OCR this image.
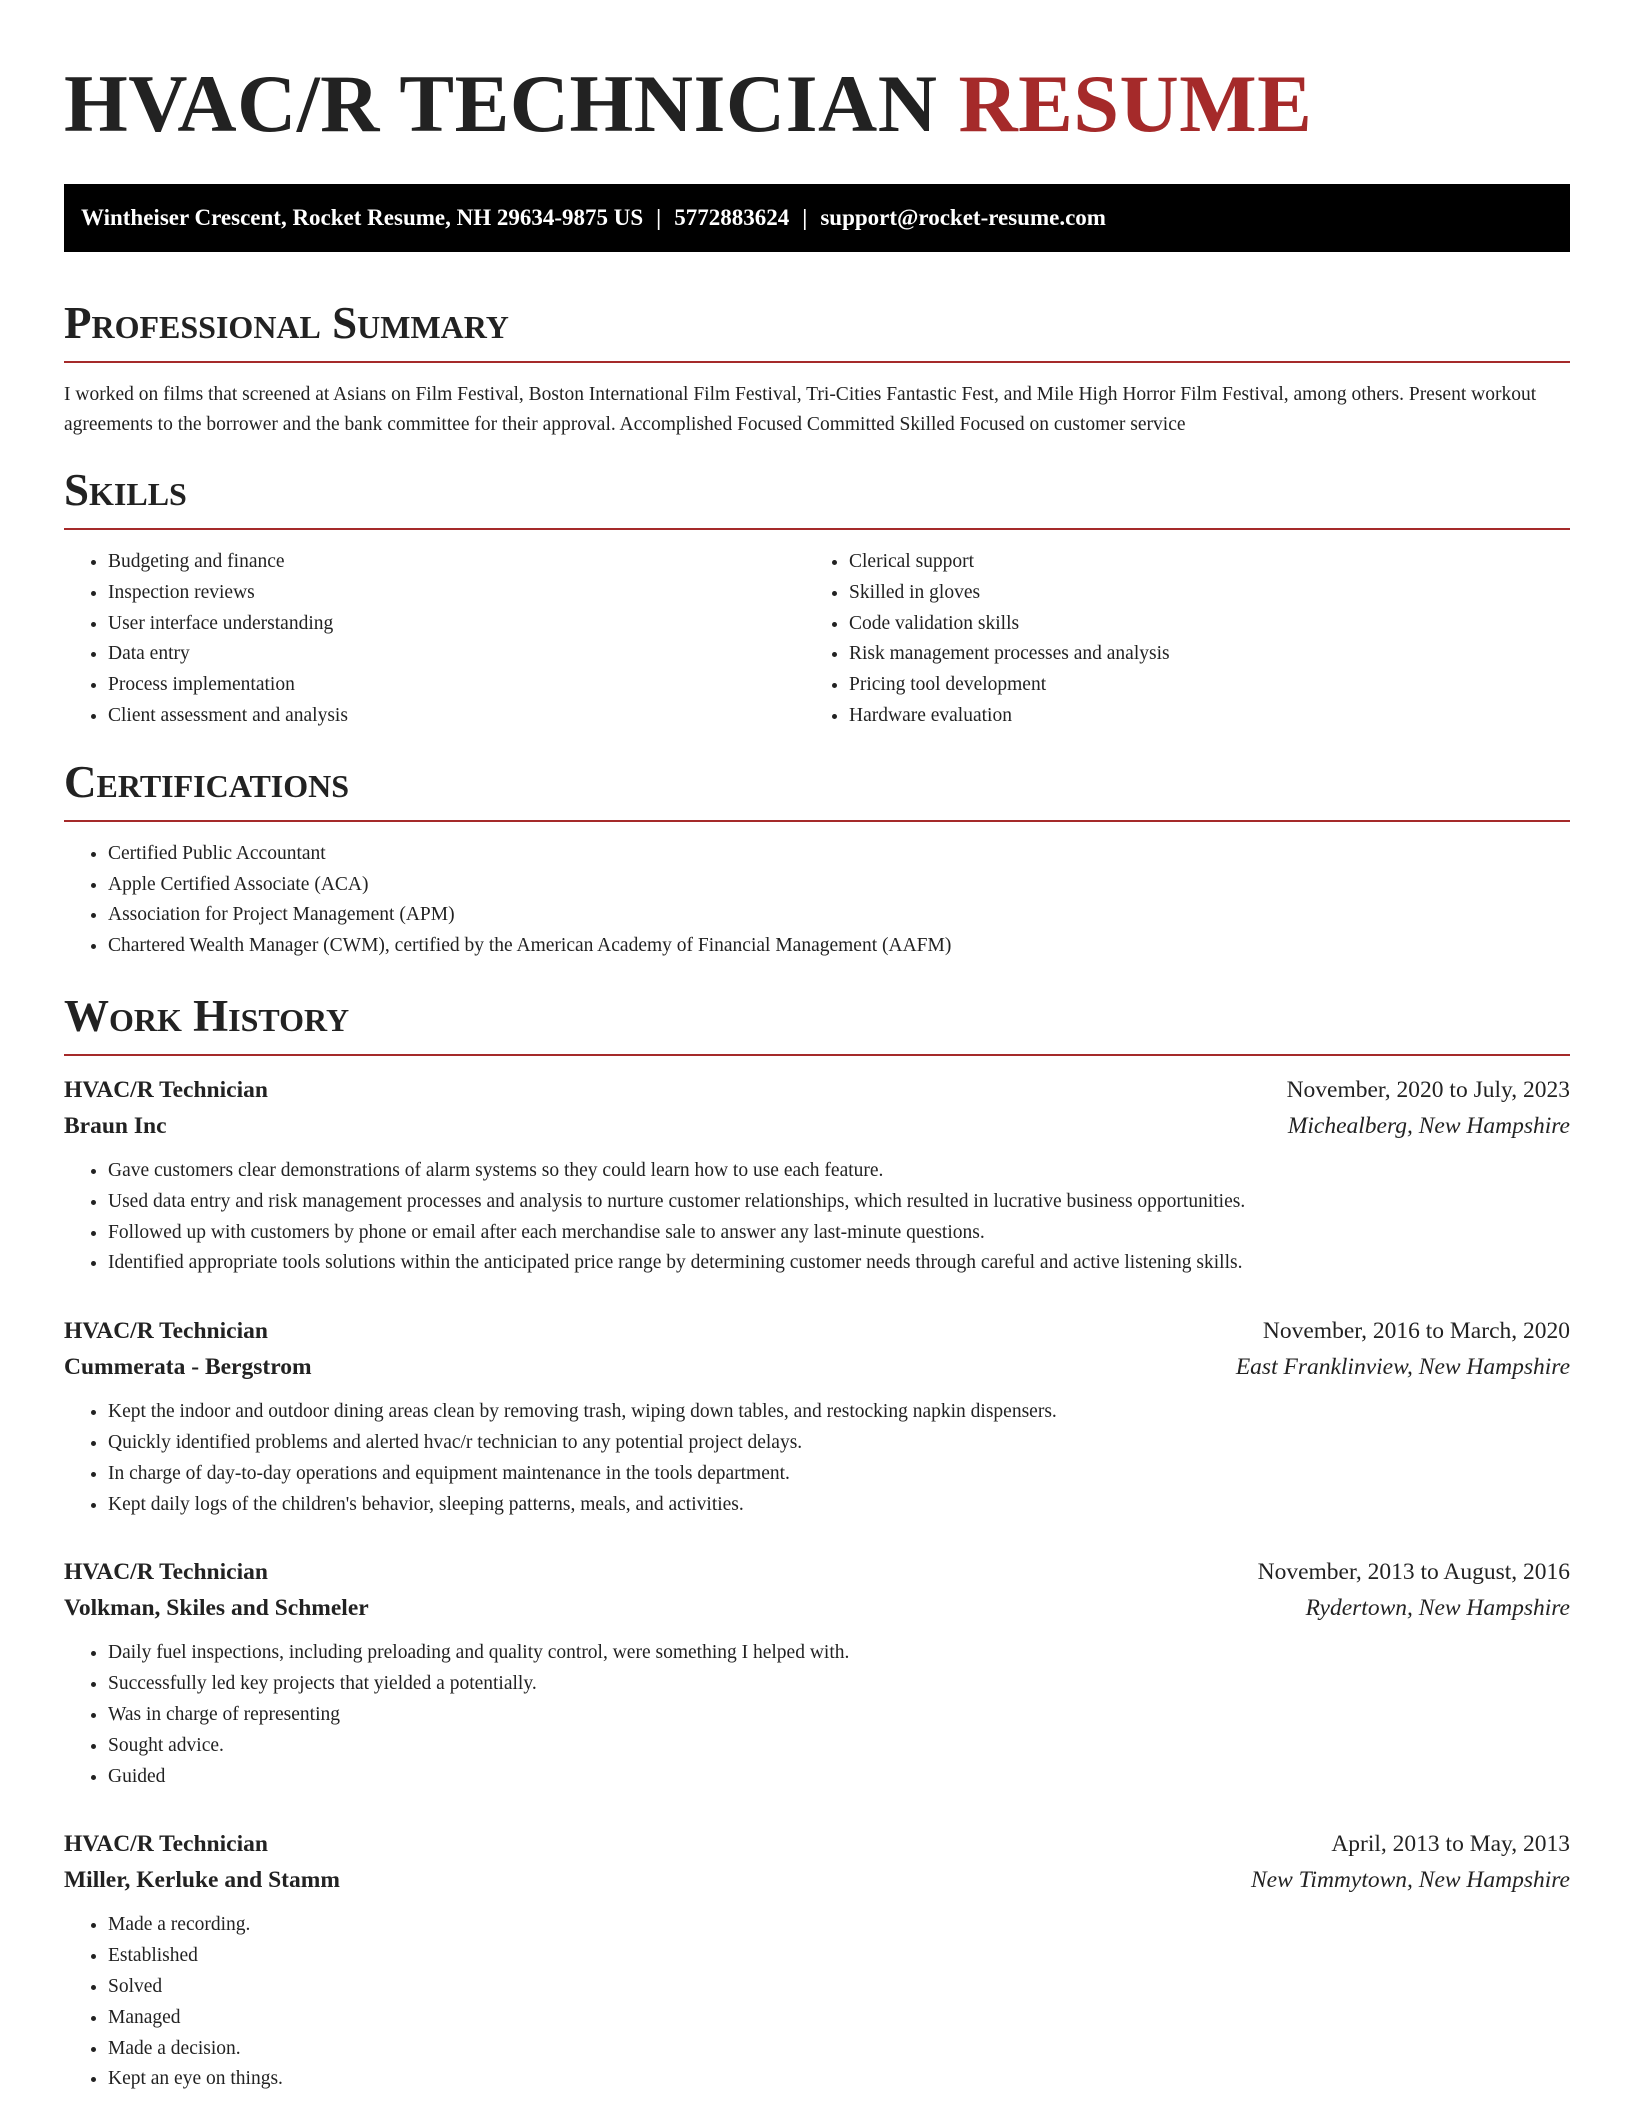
HVAC/R TECHNICIAN RESUME
Wintheiser Crescent, Rocket Resume, NH 29634-9875 US | 5772883624 | support@rocket-resume.com
Professional Summary

I worked on films that screened at Asians on Film Festival, Boston International Film Festival, Tri-Cities Fantastic Fest, and Mile High Horror Film Festival, among others. Present workout agreements to the borrower and the bank committee for their approval. Accomplished Focused Committed Skilled Focused on customer service

Skills
• Budgeting and finance
• Inspection reviews
• User interface understanding
• Data entry
• Process implementation
• Client assessment and analysis
• Clerical support
• Skilled in gloves
• Code validation skills
• Risk management processes and analysis
• Pricing tool development
• Hardware evaluation
Certifications
• Certified Public Accountant
• Apple Certified Associate (ACA)
• Association for Project Management (APM)
• Chartered Wealth Manager (CWM), certified by the American Academy of Financial Management (AAFM)
Work History
HVAC/R Technician	November, 2020 to July, 2023
Braun Inc	Michealberg, New Hampshire
• Gave customers clear demonstrations of alarm systems so they could learn how to use each feature.
• Used data entry and risk management processes and analysis to nurture customer relationships, which resulted in lucrative business opportunities.
• Followed up with customers by phone or email after each merchandise sale to answer any last-minute questions.
• Identified appropriate tools solutions within the anticipated price range by determining customer needs through careful and active listening skills.
HVAC/R Technician	November, 2016 to March, 2020
Cummerata - Bergstrom	East Franklinview, New Hampshire
• Kept the indoor and outdoor dining areas clean by removing trash, wiping down tables, and restocking napkin dispensers.
• Quickly identified problems and alerted hvac/r technician to any potential project delays.
• In charge of day-to-day operations and equipment maintenance in the tools department.
• Kept daily logs of the children's behavior, sleeping patterns, meals, and activities.
HVAC/R Technician	November, 2013 to August, 2016
Volkman, Skiles and Schmeler	Rydertown, New Hampshire
• Daily fuel inspections, including preloading and quality control, were something I helped with.
• Successfully led key projects that yielded a potentially.
• Was in charge of representing
• Sought advice.
• Guided
HVAC/R Technician	April, 2013 to May, 2013
Miller, Kerluke and Stamm	New Timmytown, New Hampshire
• Made a recording.
• Established
• Solved
• Managed
• Made a decision.
• Kept an eye on things.
